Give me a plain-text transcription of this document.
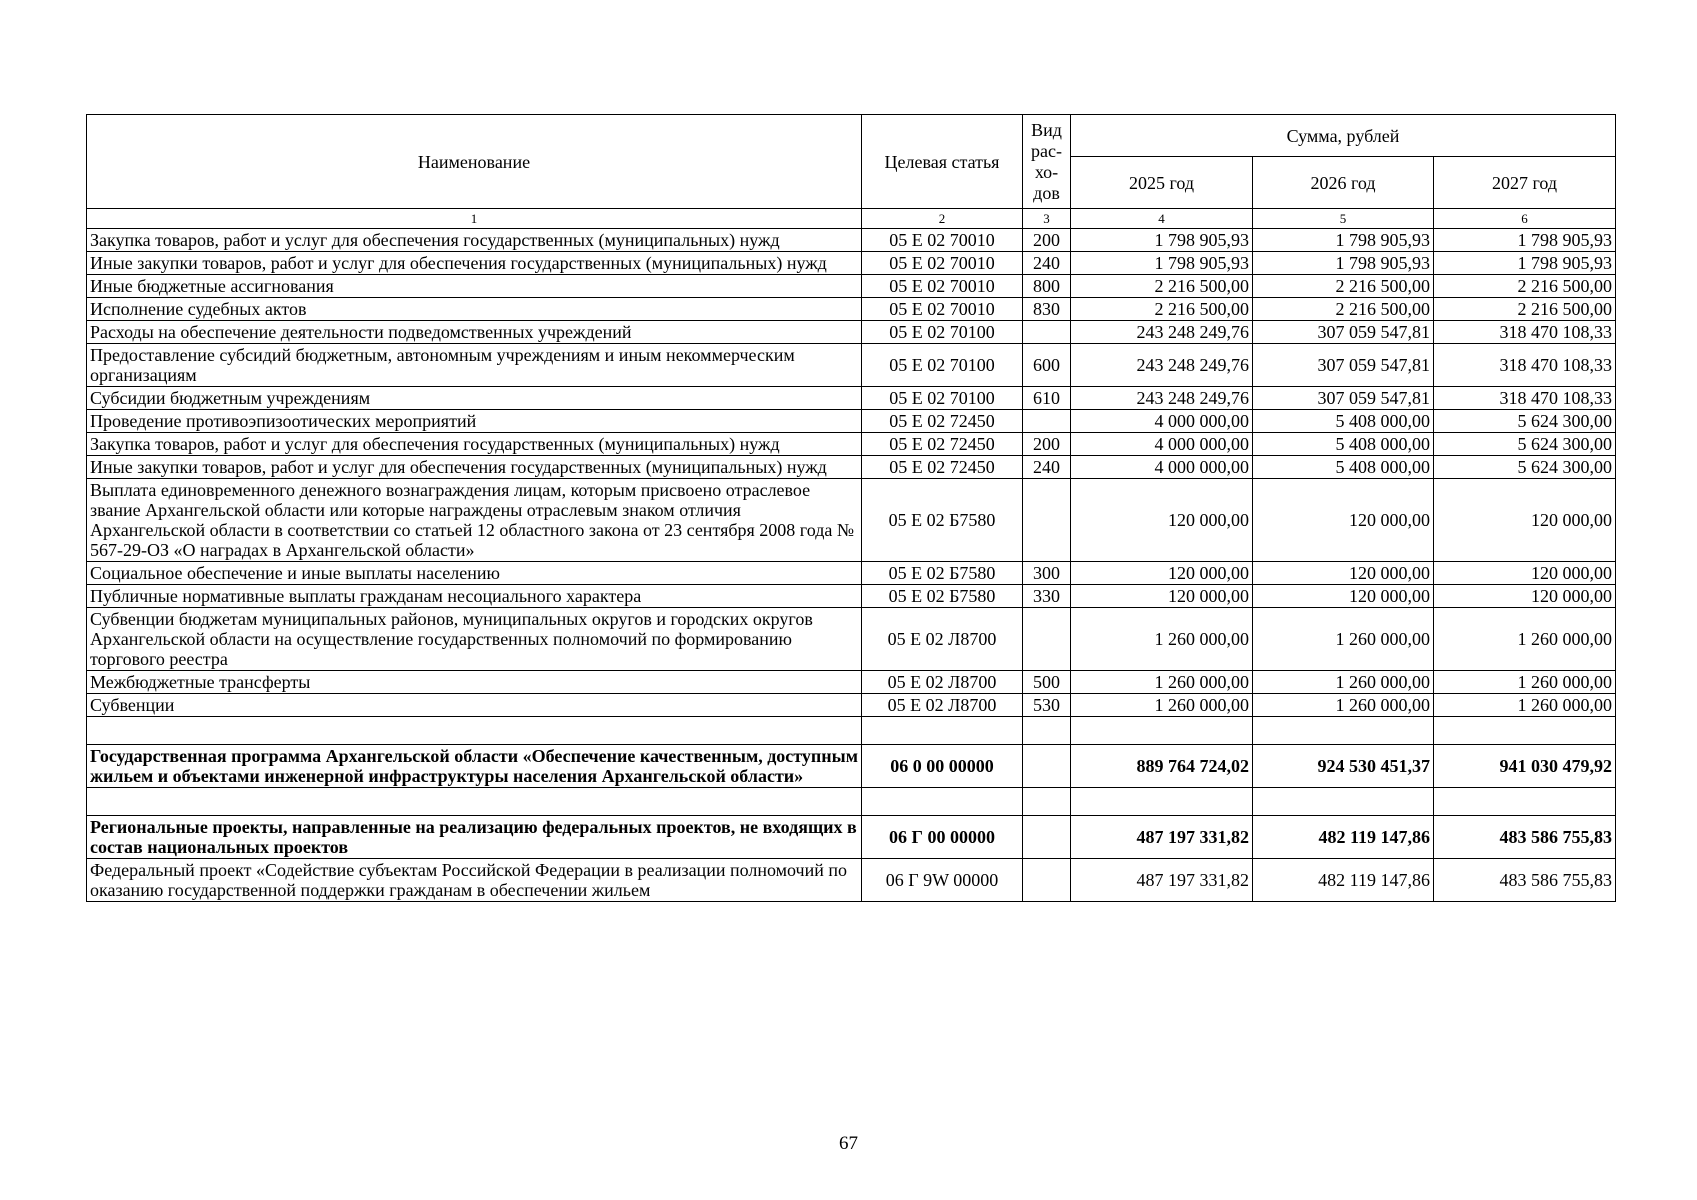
Наименование	Целевая статья	Вид
рас-
хо-
дов	Сумма, рублей		
			2025 год	2026 год	2027 год
1	2	3	4	5	6
Закупка товаров, работ и услуг для обеспечения государственных (муниципальных) нужд	05 Е 02 70010	200	1 798 905,93	1 798 905,93	1 798 905,93
Иные закупки товаров, работ и услуг для обеспечения государственных (муниципальных) нужд	05 Е 02 70010	240	1 798 905,93	1 798 905,93	1 798 905,93
Иные бюджетные ассигнования	05 Е 02 70010	800	2 216 500,00	2 216 500,00	2 216 500,00
Исполнение судебных актов	05 Е 02 70010	830	2 216 500,00	2 216 500,00	2 216 500,00
Расходы на обеспечение деятельности подведомственных учреждений	05 Е 02 70100		243 248 249,76	307 059 547,81	318 470 108,33
Предоставление субсидий бюджетным, автономным учреждениям и иным некоммерческим организациям	05 Е 02 70100	600	243 248 249,76	307 059 547,81	318 470 108,33
Субсидии бюджетным учреждениям	05 Е 02 70100	610	243 248 249,76	307 059 547,81	318 470 108,33
Проведение противоэпизоотических мероприятий	05 Е 02 72450		4 000 000,00	5 408 000,00	5 624 300,00
Закупка товаров, работ и услуг для обеспечения государственных (муниципальных) нужд	05 Е 02 72450	200	4 000 000,00	5 408 000,00	5 624 300,00
Иные закупки товаров, работ и услуг для обеспечения государственных (муниципальных) нужд	05 Е 02 72450	240	4 000 000,00	5 408 000,00	5 624 300,00
Выплата единовременного денежного вознаграждения лицам, которым присвоено отраслевое звание Архангельской области или которые награждены отраслевым знаком отличия Архангельской области в соответствии со статьей 12 областного закона от 23 сентября 2008 года № 567-29-ОЗ «О наградах в Архангельской области»	05 Е 02 Б7580		120 000,00	120 000,00	120 000,00
Социальное обеспечение и иные выплаты населению	05 Е 02 Б7580	300	120 000,00	120 000,00	120 000,00
Публичные нормативные выплаты гражданам несоциального характера	05 Е 02 Б7580	330	120 000,00	120 000,00	120 000,00
Субвенции бюджетам муниципальных районов, муниципальных округов и городских округов Архангельской области на осуществление государственных полномочий по формированию торгового реестра	05 Е 02 Л8700		1 260 000,00	1 260 000,00	1 260 000,00
Межбюджетные трансферты	05 Е 02 Л8700	500	1 260 000,00	1 260 000,00	1 260 000,00
Субвенции	05 Е 02 Л8700	530	1 260 000,00	1 260 000,00	1 260 000,00

Государственная программа Архангельской области «Обеспечение качественным, доступным жильем и объектами инженерной инфраструктуры населения Архангельской области»	06 0 00 00000		889 764 724,02	924 530 451,37	941 030 479,92

Региональные проекты, направленные на реализацию федеральных проектов, не входящих в состав национальных проектов	06 Г 00 00000		487 197 331,82	482 119 147,86	483 586 755,83
Федеральный проект «Содействие субъектам Российской Федерации в реализации полномочий по оказанию государственной поддержки гражданам в обеспечении жильем	06 Г 9W 00000		487 197 331,82	482 119 147,86	483 586 755,83
67
